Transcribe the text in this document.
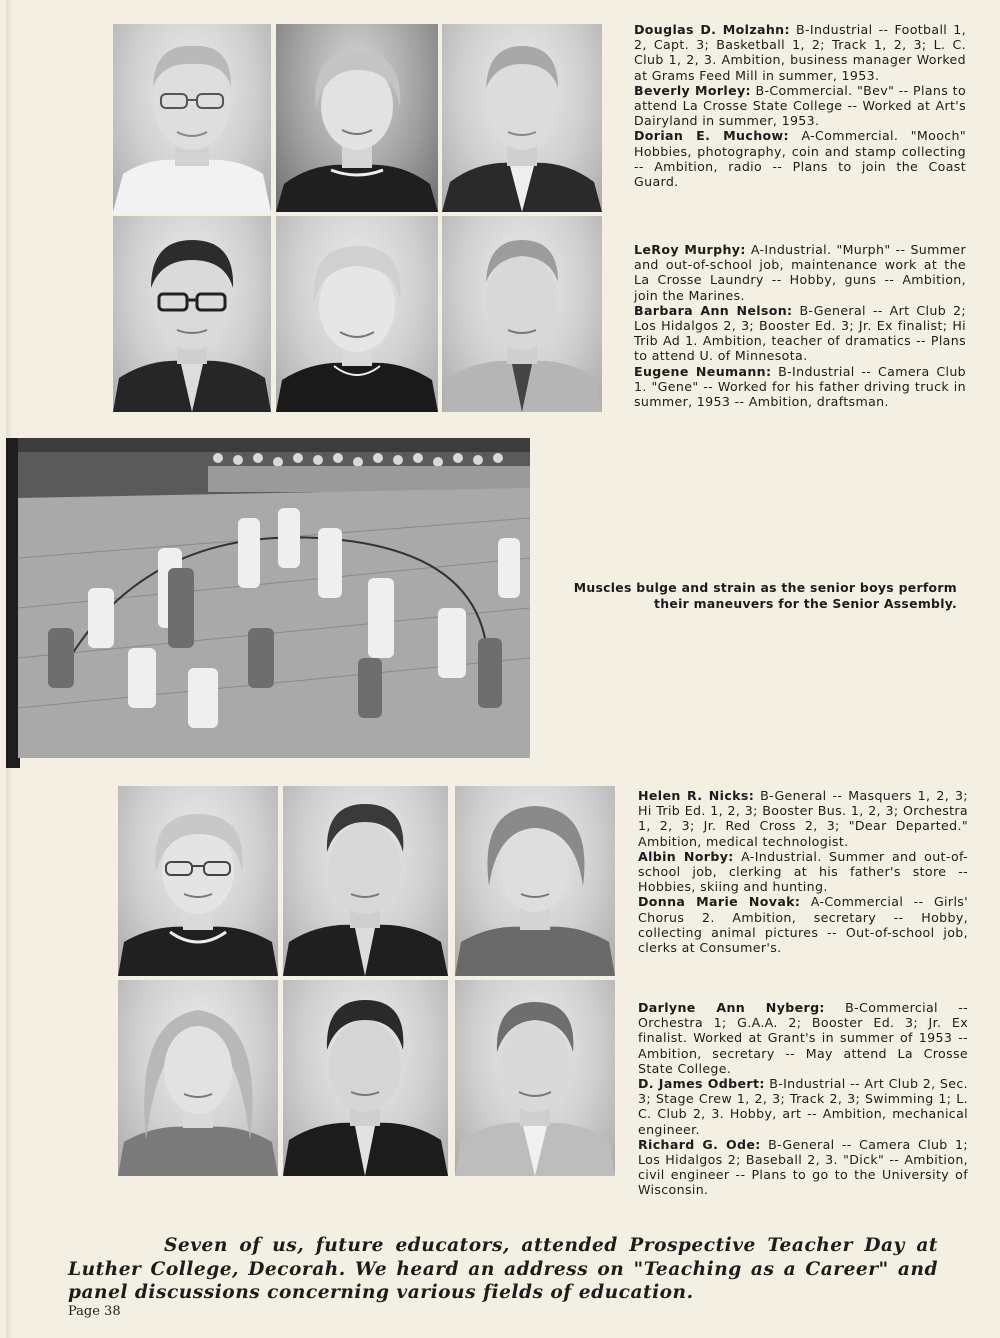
Douglas D. Molzahn: B-Industrial -- Football 1, 2, Capt. 3; Basketball 1, 2; Track 1, 2, 3; L. C. Club 1, 2, 3. Ambition, business manager Worked at Grams Feed Mill in summer, 1953.

Beverly Morley: B-Commercial. "Bev" -- Plans to attend La Crosse State College -- Worked at Art's Dairyland in summer, 1953.

Dorian E. Muchow: A-Commercial. "Mooch" Hobbies, photography, coin and stamp collecting -- Ambition, radio -- Plans to join the Coast Guard.

LeRoy Murphy: A-Industrial. "Murph" -- Summer and out-of-school job, maintenance work at the La Crosse Laundry -- Hobby, guns -- Ambition, join the Marines.

Barbara Ann Nelson: B-General -- Art Club 2; Los Hidalgos 2, 3; Booster Ed. 3; Jr. Ex finalist; Hi Trib Ad 1. Ambition, teacher of dramatics -- Plans to attend U. of Minnesota.

Eugene Neumann: B-Industrial -- Camera Club 1. "Gene" -- Worked for his father driving truck in summer, 1953 -- Ambition, draftsman.

Muscles bulge and strain as the senior boys perform their maneuvers for the Senior Assembly.

Helen R. Nicks: B-General -- Masquers 1, 2, 3; Hi Trib Ed. 1, 2, 3; Booster Bus. 1, 2, 3; Orchestra 1, 2, 3; Jr. Red Cross 2, 3; "Dear Departed." Ambition, medical technologist.

Albin Norby: A-Industrial. Summer and out-of-school job, clerking at his father's store -- Hobbies, skiing and hunting.

Donna Marie Novak: A-Commercial -- Girls' Chorus 2. Ambition, secretary -- Hobby, collecting animal pictures -- Out-of-school job, clerks at Consumer's.

Darlyne Ann Nyberg: B-Commercial -- Orchestra 1; G.A.A. 2; Booster Ed. 3; Jr. Ex finalist. Worked at Grant's in summer of 1953 -- Ambition, secretary -- May attend La Crosse State College.

D. James Odbert: B-Industrial -- Art Club 2, Sec. 3; Stage Crew 1, 2, 3; Track 2, 3; Swimming 1; L. C. Club 2, 3. Hobby, art -- Ambition, mechanical engineer.

Richard G. Ode: B-General -- Camera Club 1; Los Hidalgos 2; Baseball 2, 3. "Dick" -- Ambition, civil engineer -- Plans to go to the University of Wisconsin.

Seven of us, future educators, attended Prospective Teacher Day at Luther College, Decorah. We heard an address on "Teaching as a Career" and panel discussions concerning various fields of education.

Page 38
